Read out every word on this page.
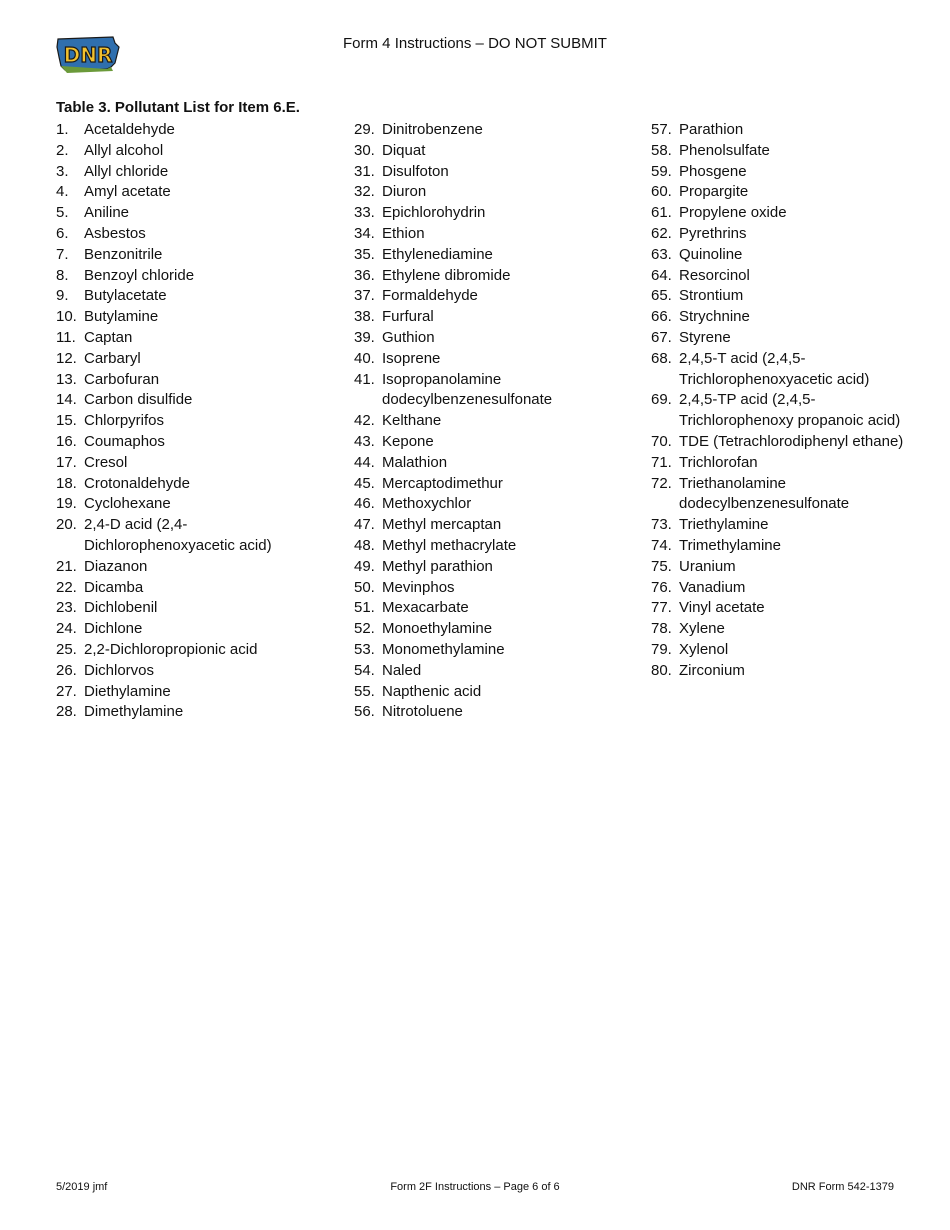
DNR	Form 4 Instructions – DO NOT SUBMIT
Table 3. Pollutant List for Item 6.E.
1.	Acetaldehyde
2.	Allyl alcohol
3.	Allyl chloride
4.	Amyl acetate
5.	Aniline
6.	Asbestos
7.	Benzonitrile
8.	Benzoyl chloride
9.	Butylacetate
10. Butylamine
11. Captan
12. Carbaryl
13. Carbofuran
14. Carbon disulfide
15. Chlorpyrifos
16. Coumaphos
17. Cresol
18. Crotonaldehyde
19. Cyclohexane
20. 2,4-D acid (2,4-Dichlorophenoxyacetic acid)
21. Diazanon
22. Dicamba
23. Dichlobenil
24. Dichlone
25. 2,2-Dichloropropionic acid
26. Dichlorvos
27. Diethylamine
28. Dimethylamine
29. Dinitrobenzene
30. Diquat
31. Disulfoton
32. Diuron
33. Epichlorohydrin
34. Ethion
35. Ethylenediamine
36. Ethylene dibromide
37. Formaldehyde
38. Furfural
39. Guthion
40. Isoprene
41. Isopropanolamine dodecylbenzenesulfonate
42. Kelthane
43. Kepone
44. Malathion
45. Mercaptodimethur
46. Methoxychlor
47. Methyl mercaptan
48. Methyl methacrylate
49. Methyl parathion
50. Mevinphos
51. Mexacarbate
52. Monoethylamine
53. Monomethylamine
54. Naled
55. Napthenic acid
56. Nitrotoluene
57. Parathion
58. Phenolsulfate
59. Phosgene
60. Propargite
61. Propylene oxide
62. Pyrethrins
63. Quinoline
64. Resorcinol
65. Strontium
66. Strychnine
67. Styrene
68. 2,4,5-T acid (2,4,5-Trichlorophenoxyacetic acid)
69. 2,4,5-TP acid (2,4,5-Trichlorophenoxy propanoic acid)
70. TDE (Tetrachlorodiphenyl ethane)
71. Trichlorofan
72. Triethanolamine dodecylbenzenesulfonate
73. Triethylamine
74. Trimethylamine
75. Uranium
76. Vanadium
77. Vinyl acetate
78. Xylene
79. Xylenol
80. Zirconium
5/2019 jmf	Form 2F Instructions – Page 6 of 6	DNR Form 542-1379
